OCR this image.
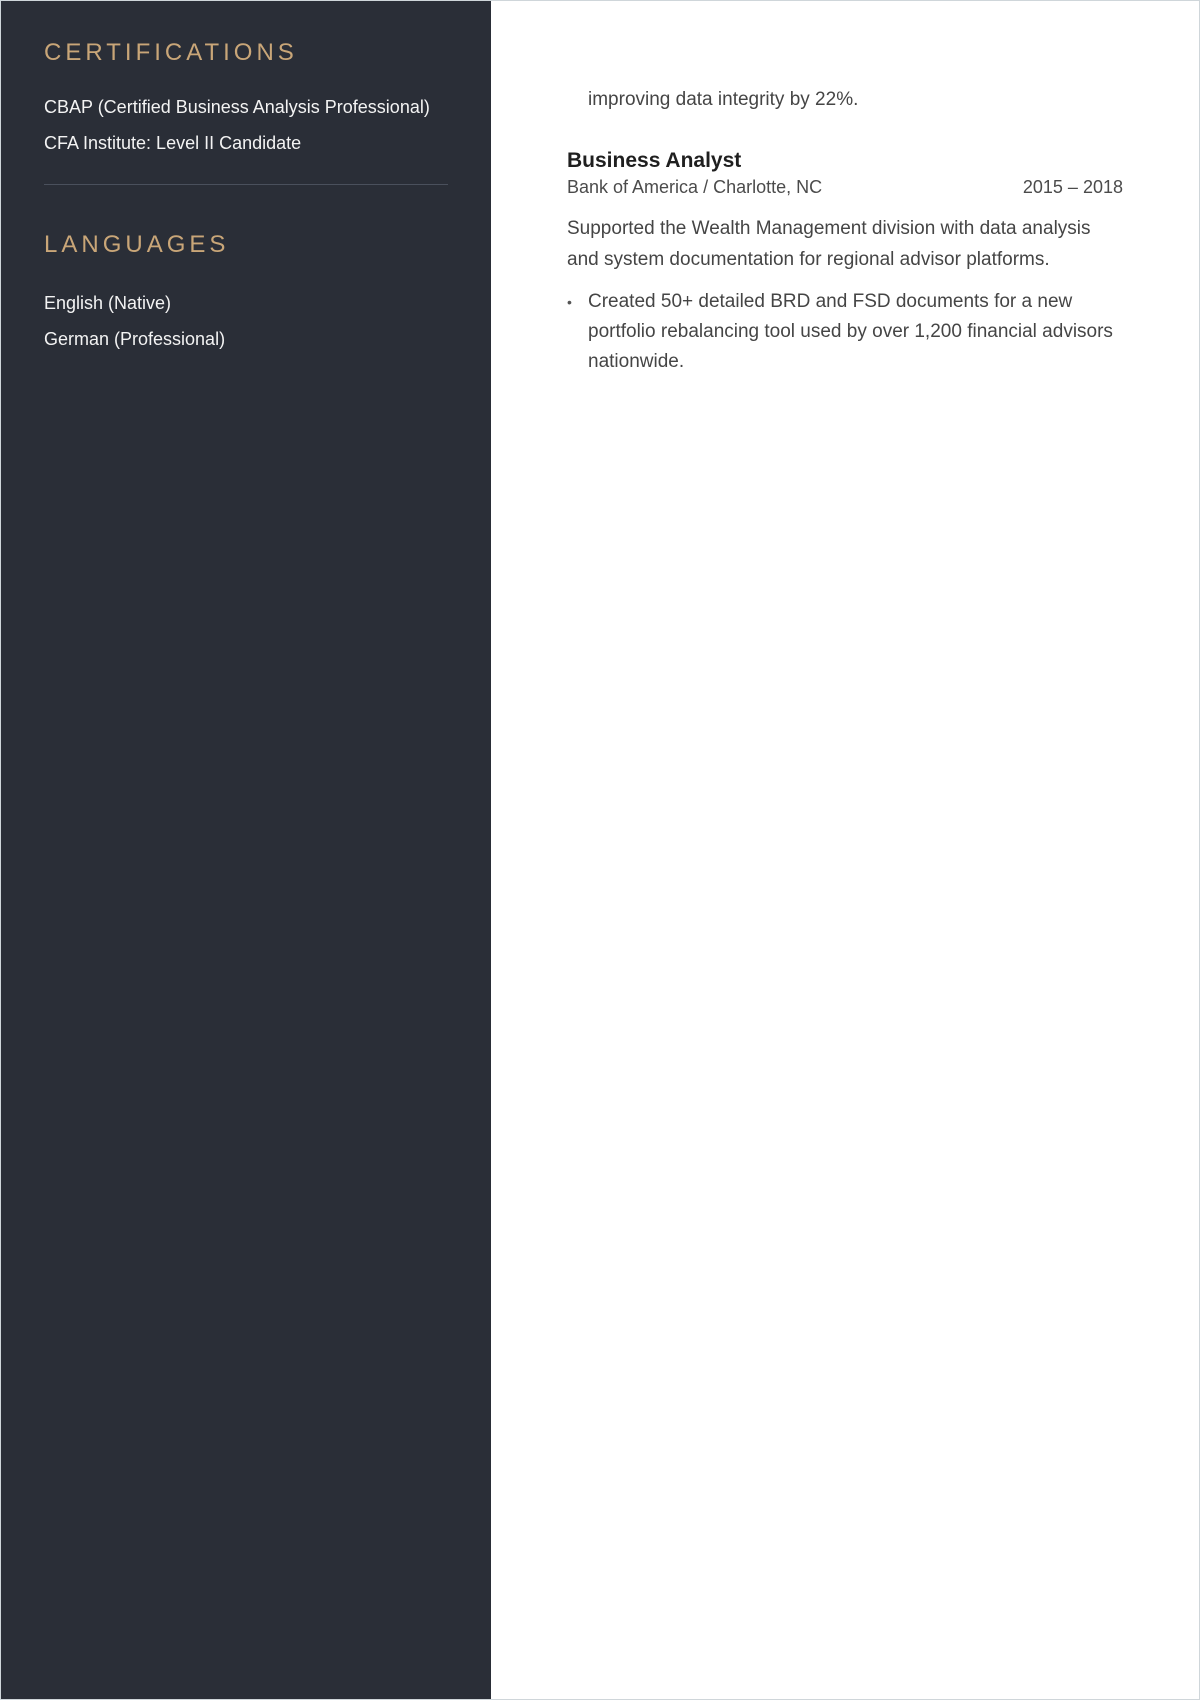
CERTIFICATIONS
CBAP (Certified Business Analysis Professional)
CFA Institute: Level II Candidate
LANGUAGES
English (Native)
German (Professional)
improving data integrity by 22%.
Business Analyst
Bank of America / Charlotte, NC	2015 – 2018
Supported the Wealth Management division with data analysis and system documentation for regional advisor platforms.
• Created 50+ detailed BRD and FSD documents for a new portfolio rebalancing tool used by over 1,200 financial advisors nationwide.
